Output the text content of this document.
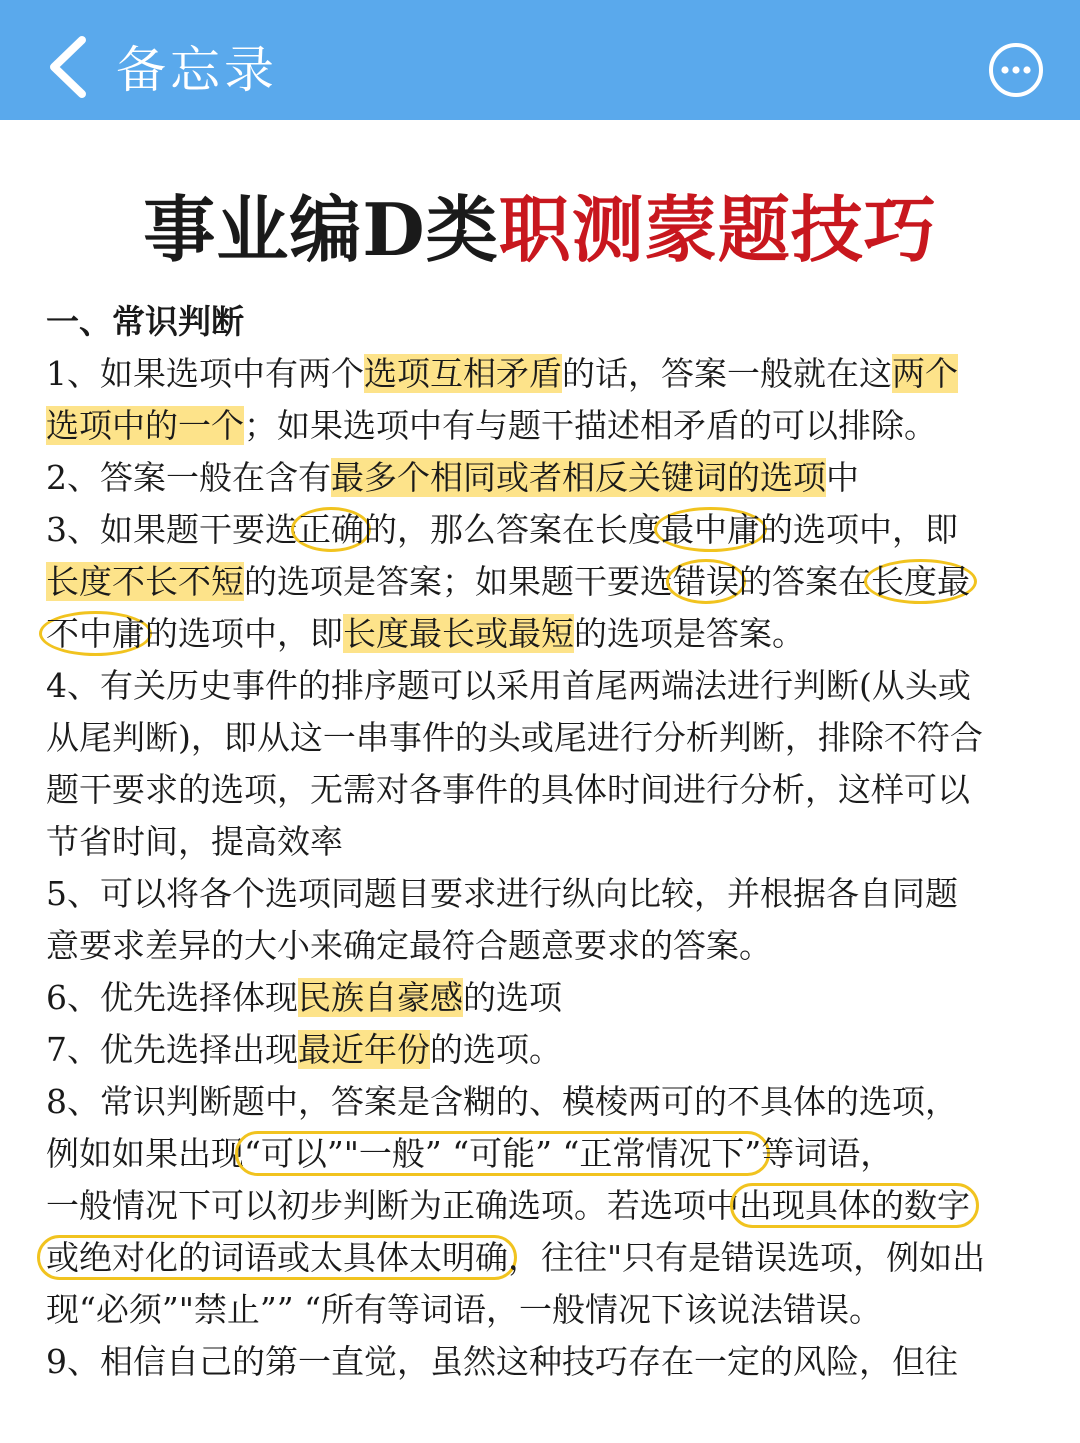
备忘录
事业编D类职测蒙题技巧
一、常识判断
1、如果选项中有两个选项互相矛盾的话，答案一般就在这两个
选项中的一个；如果选项中有与题干描述相矛盾的可以排除。
2、答案一般在含有最多个相同或者相反关键词的选项中
3、如果题干要选正确的，那么答案在长度最中庸的选项中，即
长度不长不短的选项是答案；如果题干要选错误的答案在长度最
不中庸的选项中，即长度最长或最短的选项是答案。
4、有关历史事件的排序题可以采用首尾两端法进行判断(从头或
从尾判断)，即从这一串事件的头或尾进行分析判断，排除不符合
题干要求的选项，无需对各事件的具体时间进行分析，这样可以
节省时间，提高效率
5、可以将各个选项同题目要求进行纵向比较，并根据各自同题
意要求差异的大小来确定最符合题意要求的答案。
6、优先选择体现民族自豪感的选项
7、优先选择出现最近年份的选项。
8、常识判断题中，答案是含糊的、模棱两可的不具体的选项，
例如如果出现“可以”"一般” “可能” “正常情况下”等词语，
一般情况下可以初步判断为正确选项。若选项中出现具体的数字
或绝对化的词语或太具体太明确，往往"只有是错误选项，例如出
现“必须”"禁止”” “所有等词语，一般情况下该说法错误。
9、相信自己的第一直觉，虽然这种技巧存在一定的风险，但往
